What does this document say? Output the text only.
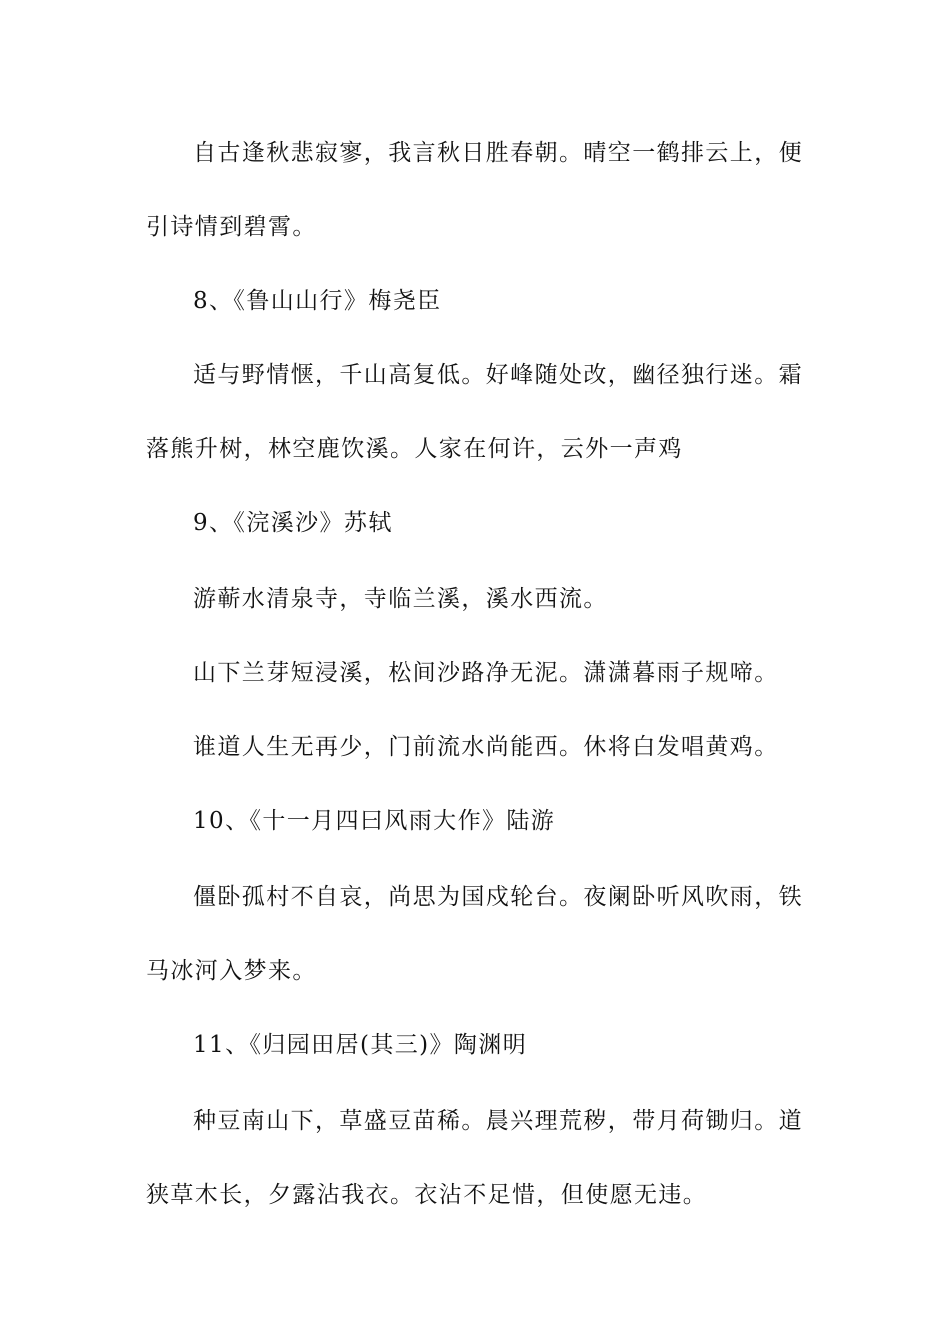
自古逢秋悲寂寥，我言秋日胜春朝。晴空一鹤排云上，便
引诗情到碧霄。
8、《鲁山山行》梅尧臣
适与野情惬，千山高复低。好峰随处改，幽径独行迷。霜
落熊升树，林空鹿饮溪。人家在何许，云外一声鸡
9、《浣溪沙》苏轼
游蕲水清泉寺，寺临兰溪，溪水西流。
山下兰芽短浸溪，松间沙路净无泥。潇潇暮雨子规啼。
谁道人生无再少，门前流水尚能西。休将白发唱黄鸡。
10、《十一月四曰风雨大作》陆游
僵卧孤村不自哀，尚思为国戍轮台。夜阑卧听风吹雨，铁
马冰河入梦来。
11、《归园田居(其三)》陶渊明
种豆南山下，草盛豆苗稀。晨兴理荒秽，带月荷锄归。道
狭草木长，夕露沾我衣。衣沾不足惜，但使愿无违。
